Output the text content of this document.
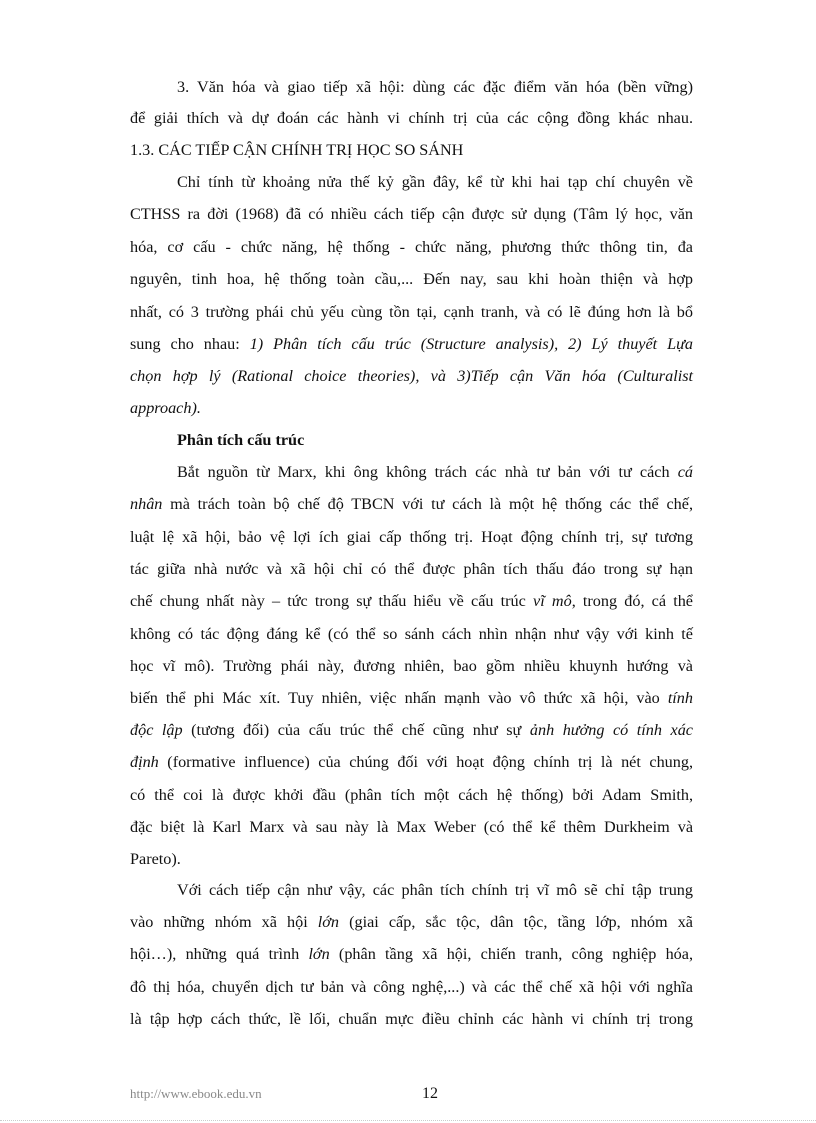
3. Văn hóa và giao tiếp xã hội: dùng các đặc điểm văn hóa (bền vững)
để giải thích và dự đoán các hành vi chính trị của các cộng đồng khác nhau.
1.3. CÁC TIẾP CẬN CHÍNH TRỊ HỌC SO SÁNH
Chỉ tính từ khoảng nửa thế kỷ gần đây, kể từ khi hai tạp chí chuyên về
CTHSS ra đời (1968) đã có nhiều cách tiếp cận được sử dụng (Tâm lý học, văn
hóa, cơ cấu - chức năng, hệ thống - chức năng, phương thức thông tin, đa
nguyên, tinh hoa, hệ thống toàn cầu,... Đến nay, sau khi hoàn thiện và hợp
nhất, có 3 trường phái chủ yếu cùng tồn tại, cạnh tranh, và có lẽ đúng hơn là bổ
sung cho nhau: 1) Phân tích cấu trúc (Structure analysis), 2) Lý thuyết Lựa
chọn hợp lý (Rational choice theories), và 3)Tiếp cận Văn hóa (Culturalist
approach).
Phân tích cấu trúc
Bắt nguồn từ Marx, khi ông không trách các nhà tư bản với tư cách cá
nhân mà trách toàn bộ chế độ TBCN với tư cách là một hệ thống các thể chế,
luật lệ xã hội, bảo vệ lợi ích giai cấp thống trị. Hoạt động chính trị, sự tương
tác giữa nhà nước và xã hội chỉ có thể được phân tích thấu đáo trong sự hạn
chế chung nhất này – tức trong sự thấu hiểu về cấu trúc vĩ mô, trong đó, cá thể
không có tác động đáng kể (có thể so sánh cách nhìn nhận như vậy với kinh tế
học vĩ mô). Trường phái này, đương nhiên, bao gồm nhiều khuynh hướng và
biến thể phi Mác xít. Tuy nhiên, việc nhấn mạnh vào vô thức xã hội, vào tính
độc lập (tương đối) của cấu trúc thể chế cũng như sự ảnh hưởng có tính xác
định (formative influence) của chúng đối với hoạt động chính trị là nét chung,
có thể coi là được khởi đầu (phân tích một cách hệ thống) bởi Adam Smith,
đặc biệt là Karl Marx và sau này là Max Weber (có thể kể thêm Durkheim và
Pareto).
Với cách tiếp cận như vậy, các phân tích chính trị vĩ mô sẽ chỉ tập trung
vào những nhóm xã hội lớn (giai cấp, sắc tộc, dân tộc, tầng lớp, nhóm xã
hội…), những quá trình lớn (phân tầng xã hội, chiến tranh, công nghiệp hóa,
đô thị hóa, chuyển dịch tư bản và công nghệ,...) và các thể chế xã hội với nghĩa
là tập hợp cách thức, lề lối, chuẩn mực điều chỉnh các hành vi chính trị trong
http://www.ebook.edu.vn	12
